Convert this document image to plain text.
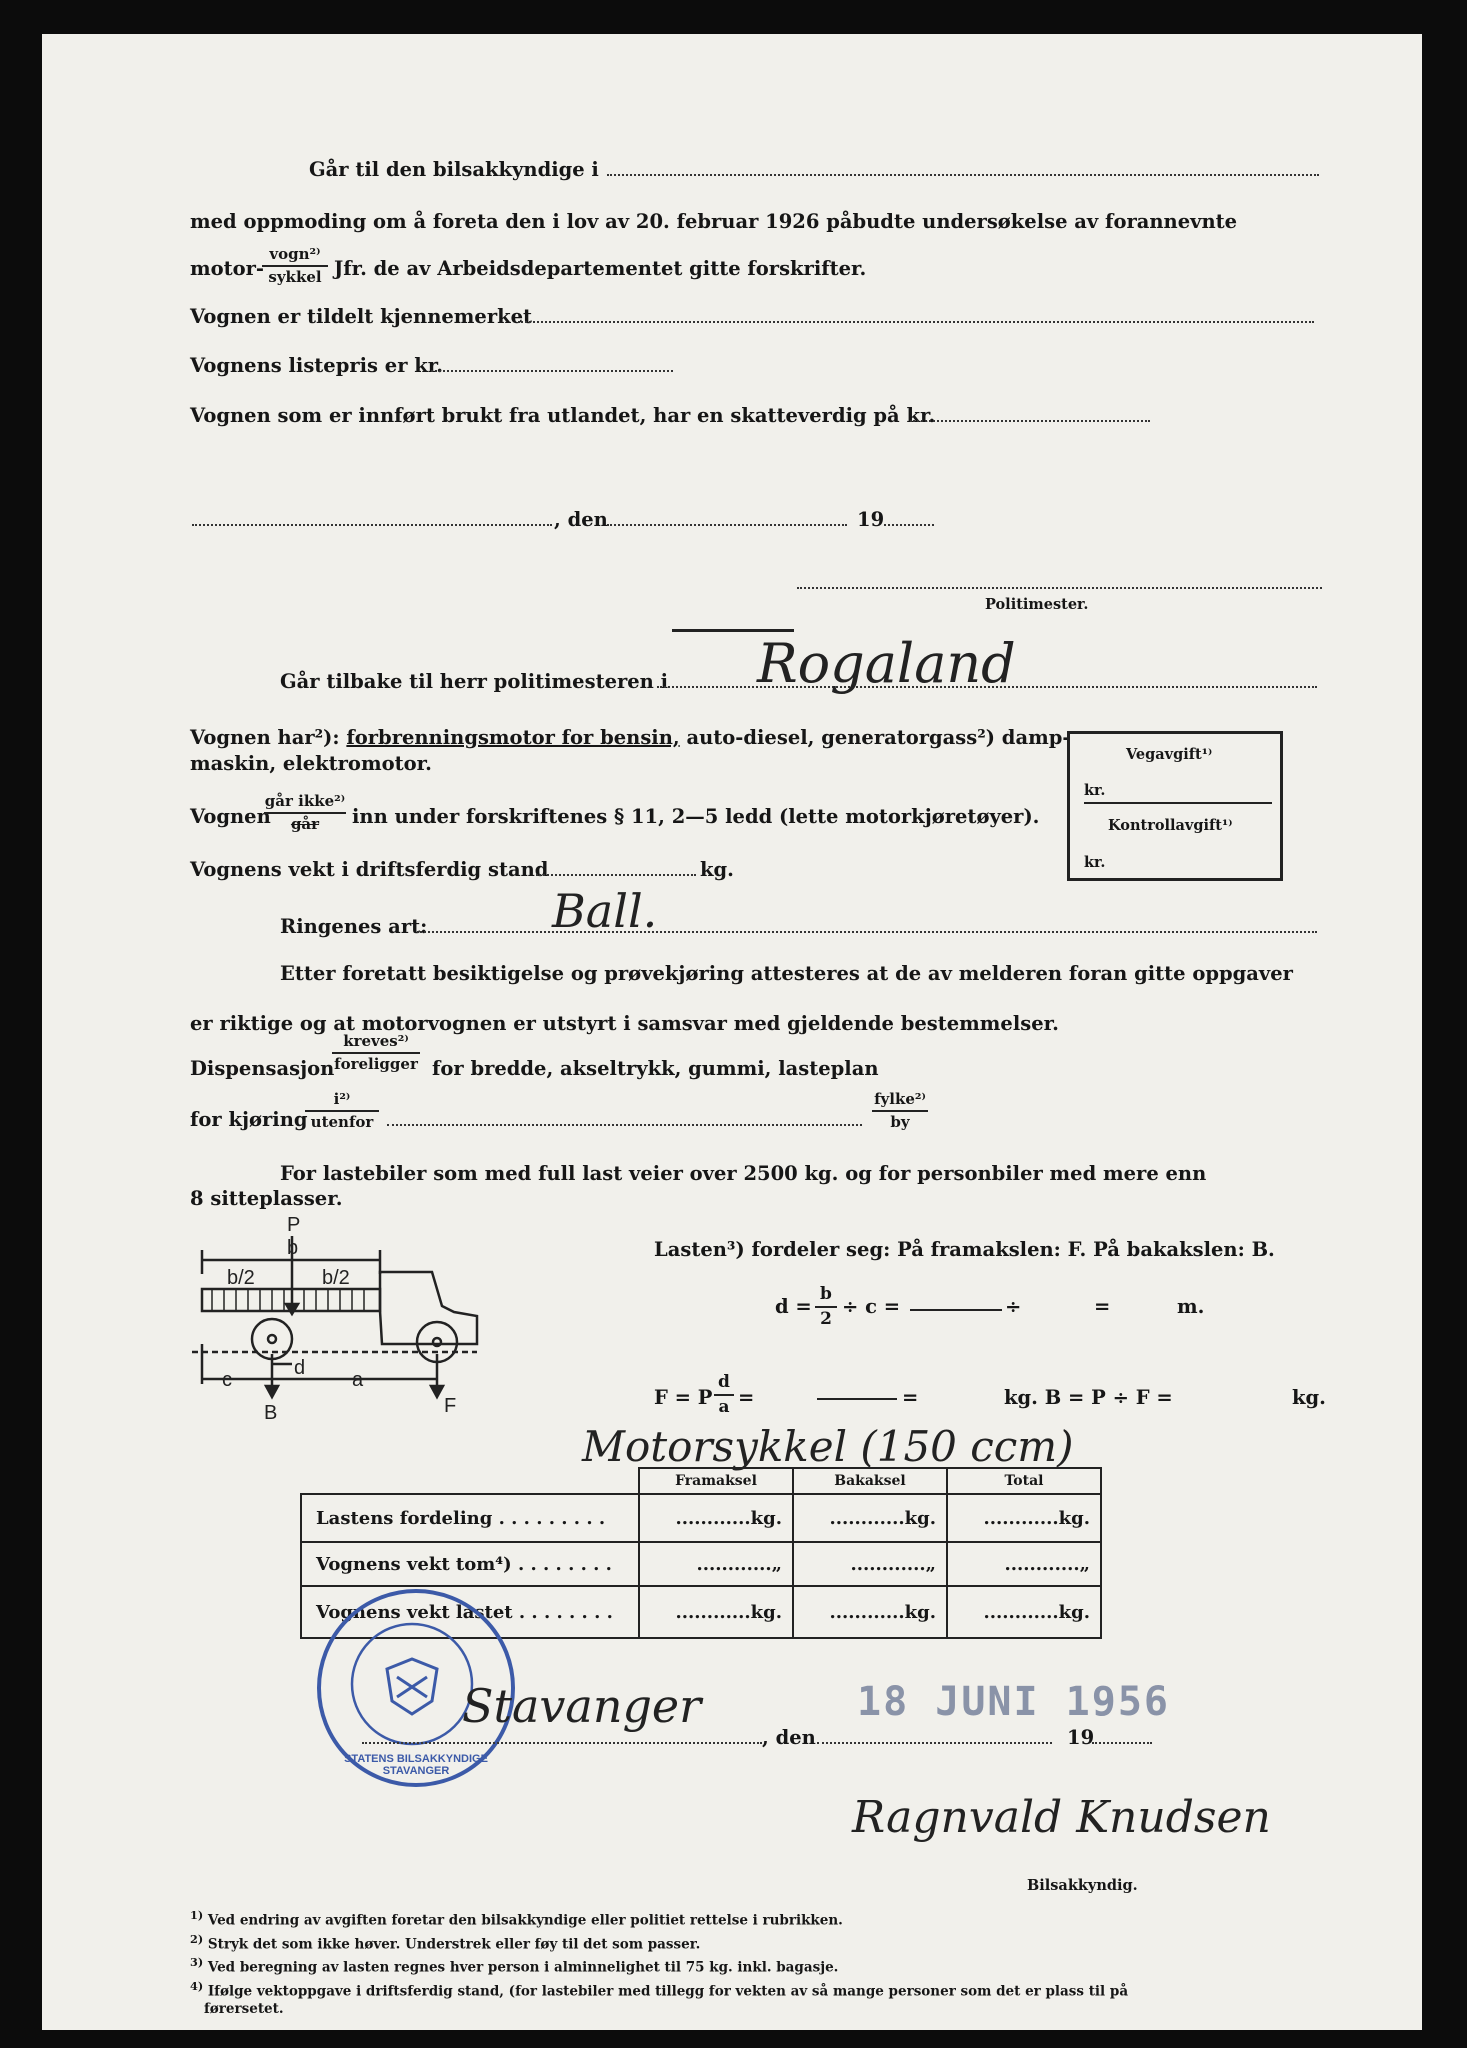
Går til den bilsakkyndige i
med oppmoding om å foreta den i lov av 20. februar 1926 påbudte undersøkelse av forannevnte
motor-
vogn²⁾
sykkel Jfr. de av Arbeidsdepartementet gitte forskrifter.
Vognen er tildelt kjennemerket
Vognens listepris er kr.
Vognen som er innført brukt fra utlandet, har en skatteverdig på kr.
, den	19
Politimester.
Går tilbake til herr politimesteren i Rogaland
Vognen har²): forbrenningsmotor for bensin, auto-diesel, generatorgass²) damp-
maskin, elektromotor.
Vognen
går ikke²⁾
går	inn under forskriftenes § 11, 2—5 ledd (lette motorkjøretøyer).
Vognens vekt i driftsferdig stand	kg.
Ringenes art:	Ball.
Vegavgift¹⁾
kr.
Kontrollavgift¹⁾
kr.
Etter foretatt besiktigelse og prøvekjøring attesteres at de av melderen foran gitte oppgaver
er riktige og at motorvognen er utstyrt i samsvar med gjeldende bestemmelser.
Dispensasjon
kreves²⁾
foreligger for bredde, akseltrykk, gummi, lasteplan
for kjøring
i²⁾
utenfor
fylke²⁾
by
For lastebiler som med full last veier over 2500 kg. og for personbiler med mere enn
8 sitteplasser.
P
b
b/2	b/2
c
d
a
B	F
Lasten³) fordeler seg: På framakslen: F. På bakakslen: B.
d =
b
2
÷ c =	÷	=	m.
F = P
d
a =	=	kg. B = P ÷ F =	kg.
Motorsykkel (150 ccm)
	Framaksel	Bakaksel	Total
Lastens fordeling . . . . . . . . .	............kg.	............kg.	............kg.
Vognens vekt tom⁴) . . . . . . . .	............„	............„	............„
Vognens vekt lastet . . . . . . . .	............kg.	............kg.	............kg.
STATENS BILSAKKYNDIGE STAVANGER
Stavanger
, den
18 JUNI 1956
19
Ragnvald Knudsen
Bilsakkyndig.
$^{1)}$ Ved endring av avgiften foretar den bilsakkyndige eller politiet rettelse i rubrikken.
$^{2)}$ Stryk det som ikke høver. Understrek eller føy til det som passer.
$^{3)}$ Ved beregning av lasten regnes hver person i alminnelighet til 75 kg. inkl. bagasje.
$^{4)}$ Ifølge vektoppgave i driftsferdig stand, (for lastebiler med tillegg for vekten av så mange personer som det er plass til på
førersetet.
